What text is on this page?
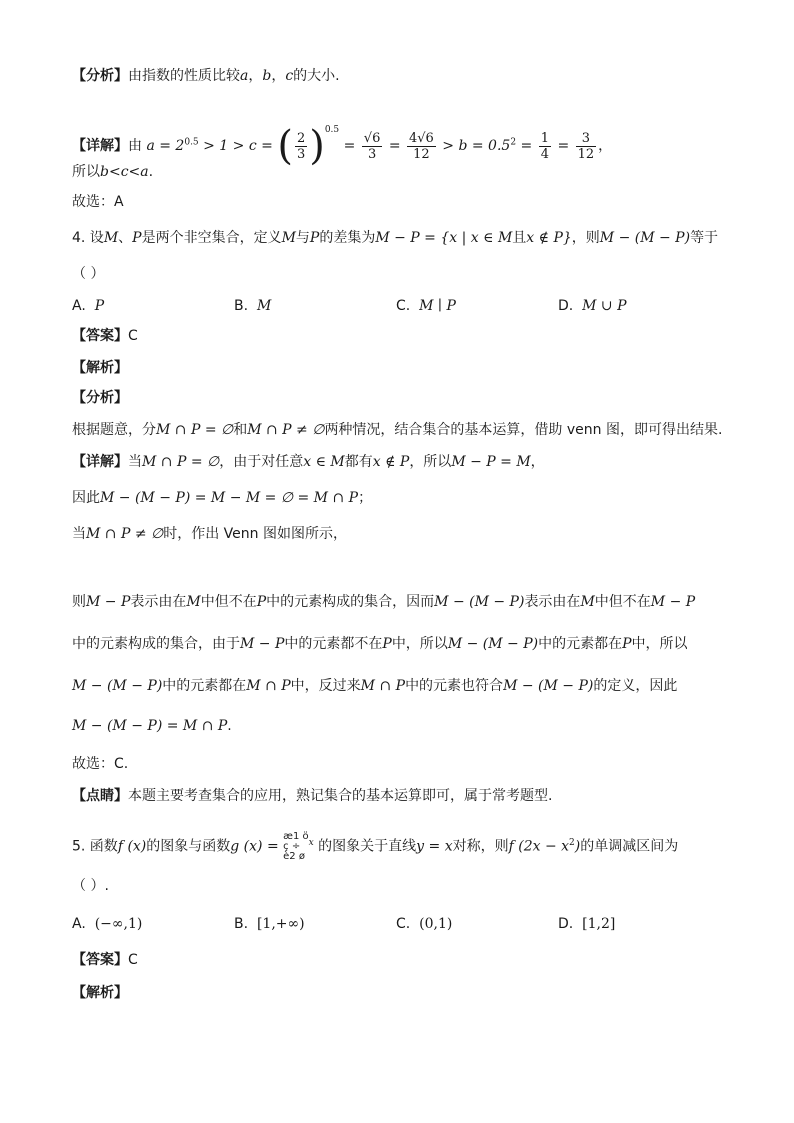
【分析】由指数的性质比较a，b，c的大小.
【详解】由 $a = 2^{0.5} > 1 > c$ = ( $\frac{2}{3} )^{0.5} = \frac{√6}{3} = \frac{4√6}{12} > b = 0.5^2 = \frac{1}{4} = \frac{3}{12}$ ，
所以b<c<a.
故选：A
4. 设M、P是两个非空集合，定义M与P的差集为M − P = {x | x ∈ M且x ∉ P}，则M − (M − P)等于
（ ）
A. P	B. M	C. M ∣ P	D. M ∪ P
【答案】C
【解析】
【分析】
根据题意，分M ∩ P = ∅和M ∩ P ≠ ∅两种情况，结合集合的基本运算，借助 venn 图，即可得出结果.
【详解】当M ∩ P = ∅，由于对任意x ∈ M都有x ∉ P，所以M − P = M，
因此M − (M − P) = M − M = ∅ = M ∩ P；
当M ∩ P ≠ ∅时，作出 Venn 图如图所示，
则M − P表示由在M中但不在P中的元素构成的集合，因而M − (M − P)表示由在M中但不在M − P
中的元素构成的集合，由于M − P中的元素都不在P中，所以M − (M − P)中的元素都在P中，所以
M − (M − P)中的元素都在M ∩ P中，反过来M ∩ P中的元素也符合M − (M − P)的定义，因此
M − (M − P) = M ∩ P.
故选：C.
【点睛】本题主要考查集合的应用，熟记集合的基本运算即可，属于常考题型.
5. 函数f (x)的图象与函数g (x) =
æ1 ö
ç ÷
è2 ø
$^x$ 的图象关于直线y = x对称，则f $(2x - x^2)$的单调减区间为
（ ）.
A. (−∞,1)	B. [1,+∞)	C. (0,1)	D. [1,2]
【答案】C
【解析】
